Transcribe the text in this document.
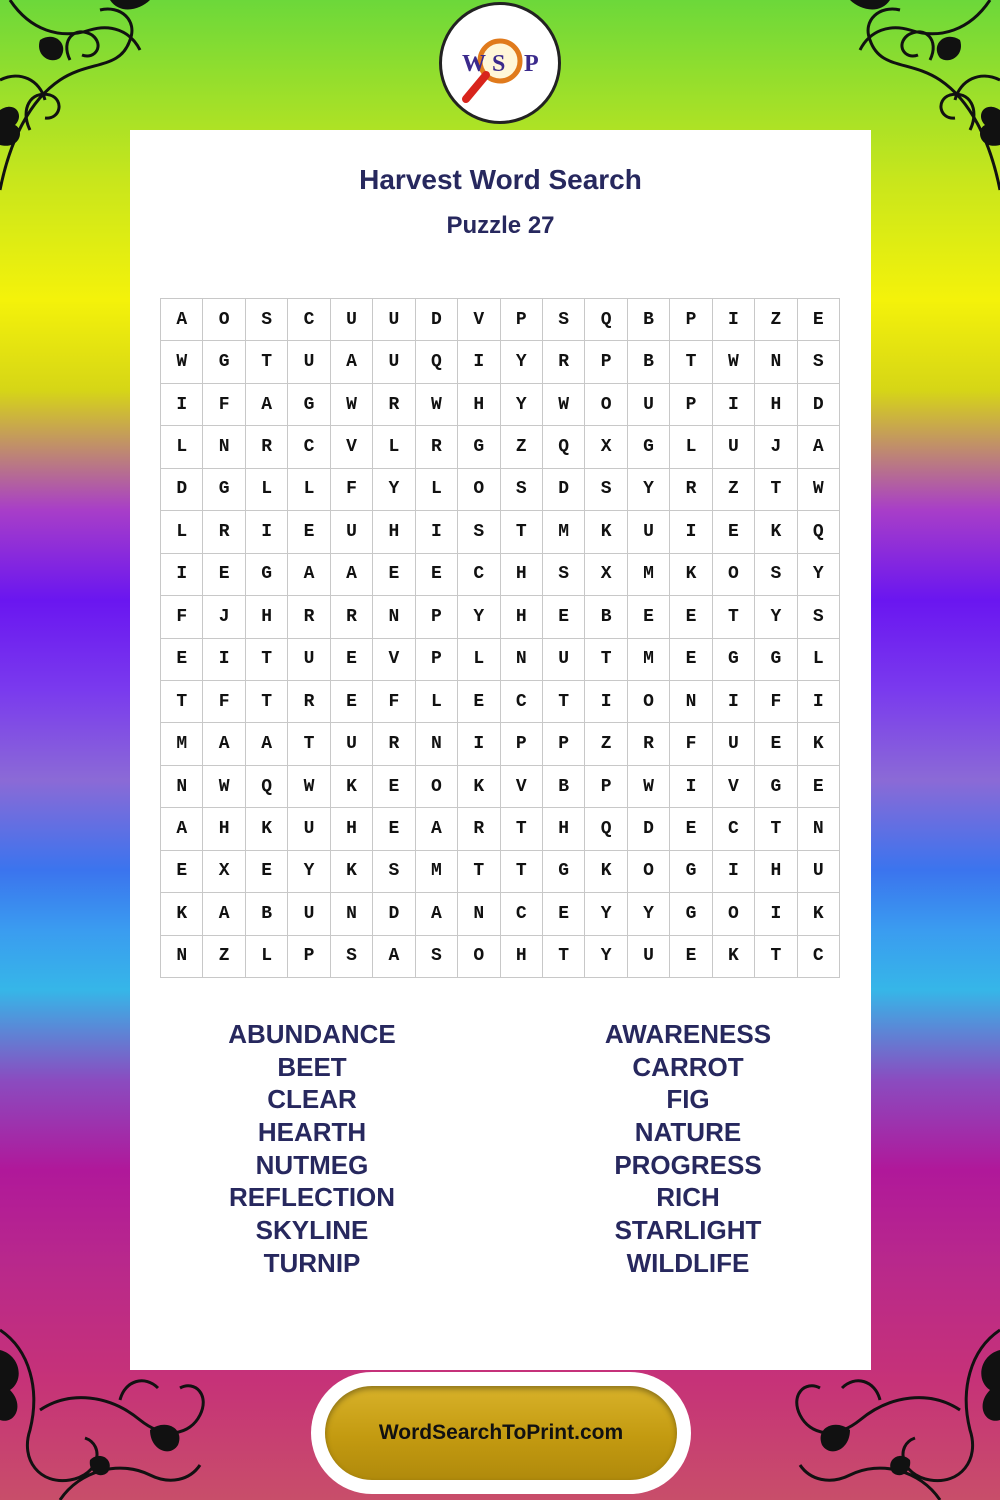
W S P
Harvest Word Search
Puzzle 27
A	O	S	C	U	U	D	V	P	S	Q	B	P	I	Z	E
W	G	T	U	A	U	Q	I	Y	R	P	B	T	W	N	S
I	F	A	G	W	R	W	H	Y	W	O	U	P	I	H	D
L	N	R	C	V	L	R	G	Z	Q	X	G	L	U	J	A
D	G	L	L	F	Y	L	O	S	D	S	Y	R	Z	T	W
L	R	I	E	U	H	I	S	T	M	K	U	I	E	K	Q
I	E	G	A	A	E	E	C	H	S	X	M	K	O	S	Y
F	J	H	R	R	N	P	Y	H	E	B	E	E	T	Y	S
E	I	T	U	E	V	P	L	N	U	T	M	E	G	G	L
T	F	T	R	E	F	L	E	C	T	I	O	N	I	F	I
M	A	A	T	U	R	N	I	P	P	Z	R	F	U	E	K
N	W	Q	W	K	E	O	K	V	B	P	W	I	V	G	E
A	H	K	U	H	E	A	R	T	H	Q	D	E	C	T	N
E	X	E	Y	K	S	M	T	T	G	K	O	G	I	H	U
K	A	B	U	N	D	A	N	C	E	Y	Y	G	O	I	K
N	Z	L	P	S	A	S	O	H	T	Y	U	E	K	T	C
ABUNDANCE
BEET
CLEAR
HEARTH
NUTMEG
REFLECTION
SKYLINE
TURNIP
AWARENESS
CARROT
FIG
NATURE
PROGRESS
RICH
STARLIGHT
WILDLIFE
WordSearchToPrint.com
